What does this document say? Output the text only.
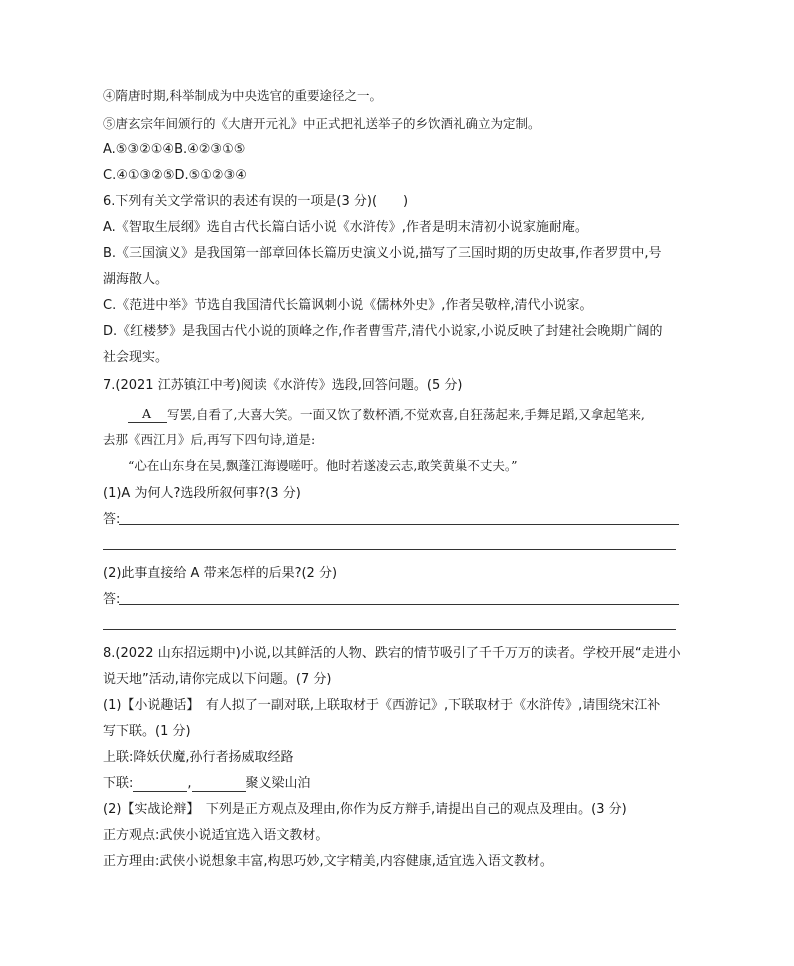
④隋唐时期,科举制成为中央选官的重要途径之一。
⑤唐玄宗年间颁行的《大唐开元礼》中正式把礼送举子的乡饮酒礼确立为定制。
A.⑤③②①④B.④②③①⑤
C.④①③②⑤D.⑤①②③④
6.下列有关文学常识的表述有误的一项是(3 分)(　　)
A.《智取生辰纲》选自古代长篇白话小说《水浒传》,作者是明末清初小说家施耐庵。
B.《三国演义》是我国第一部章回体长篇历史演义小说,描写了三国时期的历史故事,作者罗贯中,号
湖海散人。
C.《范进中举》节选自我国清代长篇讽刺小说《儒林外史》,作者吴敬梓,清代小说家。
D.《红楼梦》是我国古代小说的顶峰之作,作者曹雪芹,清代小说家,小说反映了封建社会晚期广阔的
社会现实。
7.(2021 江苏镇江中考)阅读《水浒传》选段,回答问题。(5 分)
A 写罢,自看了,大喜大笑。一面又饮了数杯酒,不觉欢喜,自狂荡起来,手舞足蹈,又拿起笔来,
去那《西江月》后,再写下四句诗,道是:
“心在山东身在吴,飘蓬江海谩嗟吁。他时若遂凌云志,敢笑黄巢不丈夫。”
(1)A 为何人?选段所叙何事?(3 分)
答:
(2)此事直接给 A 带来怎样的后果?(2 分)
答:
8.(2022 山东招远期中)小说,以其鲜活的人物、跌宕的情节吸引了千千万万的读者。学校开展“走进小
说天地”活动,请你完成以下问题。(7 分)
(1)【小说趣话】　有人拟了一副对联,上联取材于《西游记》,下联取材于《水浒传》,请围绕宋江补
写下联。(1 分)
上联:降妖伏魔,孙行者扬威取经路
下联:	,	聚义梁山泊
(2)【实战论辩】　下列是正方观点及理由,你作为反方辩手,请提出自己的观点及理由。(3 分)
正方观点:武侠小说适宜选入语文教材。
正方理由:武侠小说想象丰富,构思巧妙,文字精美,内容健康,适宜选入语文教材。
